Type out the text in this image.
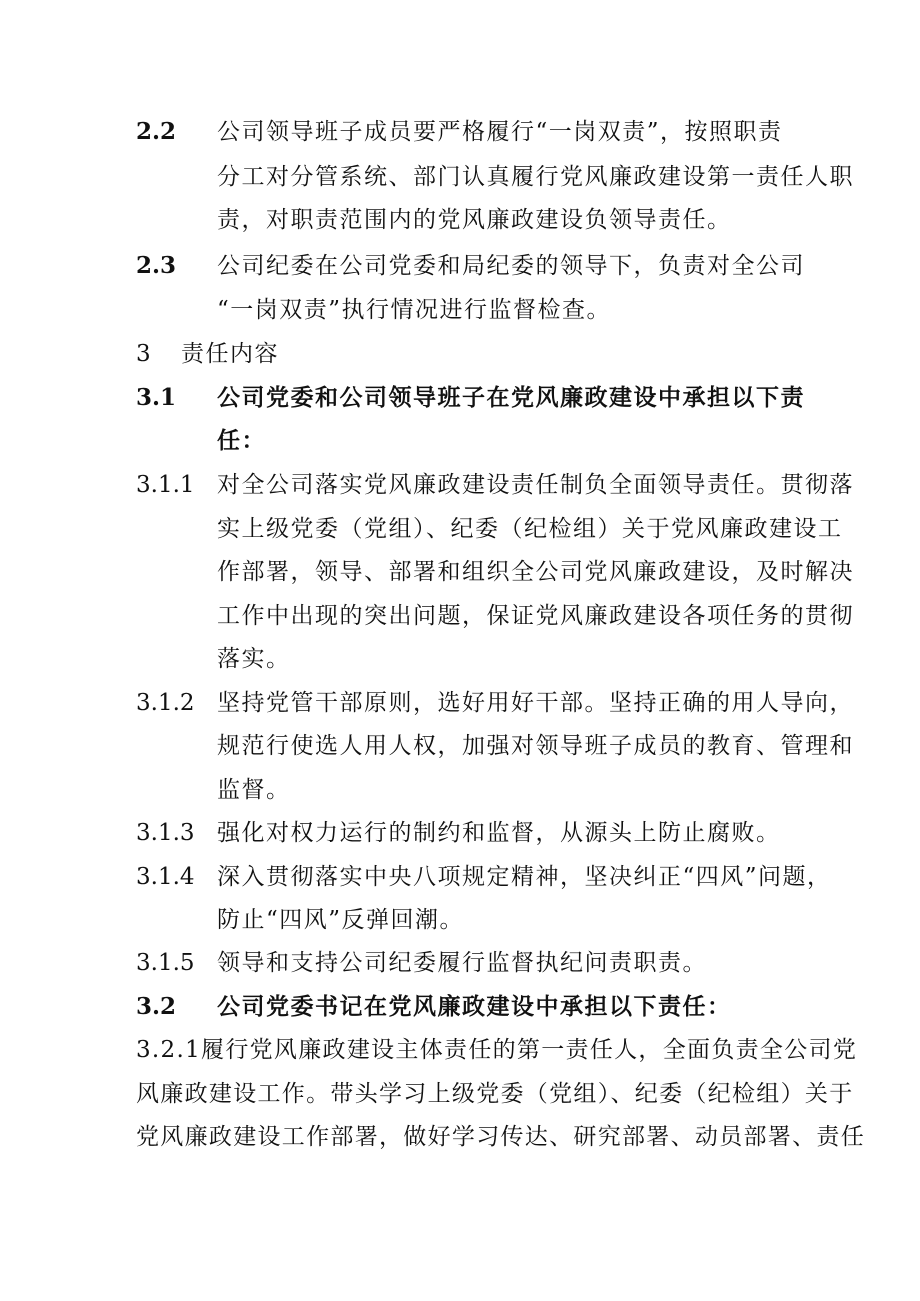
2.2 公司领导班子成员要严格履行“一岗双责”，按照职责
分工对分管系统、部门认真履行党风廉政建设第一责任人职
责，对职责范围内的党风廉政建设负领导责任。
2.3 公司纪委在公司党委和局纪委的领导下，负责对全公司
“一岗双责”执行情况进行监督检查。
3 责任内容
3.1 公司党委和公司领导班子在党风廉政建设中承担以下责
任：
3.1.1 对全公司落实党风廉政建设责任制负全面领导责任。贯彻落
实上级党委（党组）、纪委（纪检组）关于党风廉政建设工
作部署，领导、部署和组织全公司党风廉政建设，及时解决
工作中出现的突出问题，保证党风廉政建设各项任务的贯彻
落实。
3.1.2 坚持党管干部原则，选好用好干部。坚持正确的用人导向，
规范行使选人用人权，加强对领导班子成员的教育、管理和
监督。
3.1.3 强化对权力运行的制约和监督，从源头上防止腐败。
3.1.4 深入贯彻落实中央八项规定精神，坚决纠正“四风”问题，
防止“四风”反弹回潮。
3.1.5 领导和支持公司纪委履行监督执纪问责职责。
3.2 公司党委书记在党风廉政建设中承担以下责任：
3.2.1履行党风廉政建设主体责任的第一责任人，全面负责全公司党
风廉政建设工作。带头学习上级党委（党组）、纪委（纪检组）关于
党风廉政建设工作部署，做好学习传达、研究部署、动员部署、责任
